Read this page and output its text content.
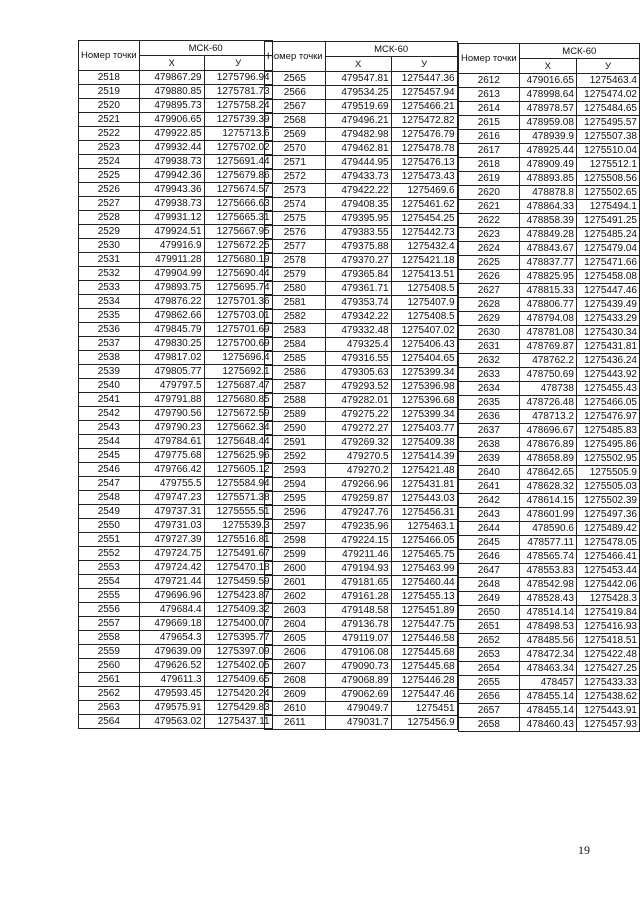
Номер точки	МСК-60	
	X	У
2518	479867.29	1275796.94
2519	479880.85	1275781.73
2520	479895.73	1275758.24
2521	479906.65	1275739.39
2522	479922.85	1275713.6
2523	479932.44	1275702.02
2524	479938.73	1275691.44
2525	479942.36	1275679.86
2526	479943.36	1275674.57
2527	479938.73	1275666.63
2528	479931.12	1275665.31
2529	479924.51	1275667.95
2530	479916.9	1275672.25
2531	479911.28	1275680.19
2532	479904.99	1275690.44
2533	479893.75	1275695.74
2534	479876.22	1275701.36
2535	479862.66	1275703.01
2536	479845.79	1275701.69
2537	479830.25	1275700.69
2538	479817.02	1275696.4
2539	479805.77	1275692.1
2540	479797.5	1275687.47
2541	479791.88	1275680.85
2542	479790.56	1275672.59
2543	479790.23	1275662.34
2544	479784.61	1275648.44
2545	479775.68	1275625.96
2546	479766.42	1275605.12
2547	479755.5	1275584.94
2548	479747.23	1275571.38
2549	479737.31	1275555.51
2550	479731.03	1275539.3
2551	479727.39	1275516.81
2552	479724.75	1275491.67
2553	479724.42	1275470.18
2554	479721.44	1275459.59
2555	479696.96	1275423.87
2556	479684.4	1275409.32
2557	479669.18	1275400.07
2558	479654.3	1275395.77
2559	479639.09	1275397.09
2560	479626.52	1275402.05
2561	479611.3	1275409.65
2562	479593.45	1275420.24
2563	479575.91	1275429.83
2564	479563.02	1275437.11
Номер точки	МСК-60	
	X	У
2565	479547.81	1275447.36
2566	479534.25	1275457.94
2567	479519.69	1275466.21
2568	479496.21	1275472.82
2569	479482.98	1275476.79
2570	479462.81	1275478.78
2571	479444.95	1275476.13
2572	479433.73	1275473.43
2573	479422.22	1275469.6
2574	479408.35	1275461.62
2575	479395.95	1275454.25
2576	479383.55	1275442.73
2577	479375.88	1275432.4
2578	479370.27	1275421.18
2579	479365.84	1275413.51
2580	479361.71	1275408.5
2581	479353.74	1275407.9
2582	479342.22	1275408.5
2583	479332.48	1275407.02
2584	479325.4	1275406.43
2585	479316.55	1275404.65
2586	479305.63	1275399.34
2587	479293.52	1275396.98
2588	479282.01	1275396.68
2589	479275.22	1275399.34
2590	479272.27	1275403.77
2591	479269.32	1275409.38
2592	479270.5	1275414.39
2593	479270.2	1275421.48
2594	479266.96	1275431.81
2595	479259.87	1275443.03
2596	479247.76	1275456.31
2597	479235.96	1275463.1
2598	479224.15	1275466.05
2599	479211.46	1275465.75
2600	479194.93	1275463.99
2601	479181.65	1275460.44
2602	479161.28	1275455.13
2603	479148.58	1275451.89
2604	479136.78	1275447.75
2605	479119.07	1275446.58
2606	479106.08	1275445.68
2607	479090.73	1275445.68
2608	479068.89	1275446.28
2609	479062.69	1275447.46
2610	479049.7	1275451
2611	479031.7	1275456.9
Номер точки	МСК-60	
	X	У
2612	479016.65	1275463.4
2613	478998.64	1275474.02
2614	478978.57	1275484.65
2615	478959.08	1275495.57
2616	478939.9	1275507.38
2617	478925.44	1275510.04
2618	478909.49	1275512.1
2619	478893.85	1275508.56
2620	478878.8	1275502.65
2621	478864.33	1275494.1
2622	478858.39	1275491.25
2623	478849.28	1275485.24
2624	478843.67	1275479.04
2625	478837.77	1275471.66
2626	478825.95	1275458.08
2627	478815.33	1275447.46
2628	478806.77	1275439.49
2629	478794.08	1275433.29
2630	478781.08	1275430.34
2631	478769.87	1275431.81
2632	478762.2	1275436.24
2633	478750.69	1275443.92
2634	478738	1275455.43
2635	478726.48	1275466.05
2636	478713.2	1275476.97
2637	478696.67	1275485.83
2638	478676.89	1275495.86
2639	478658.89	1275502.95
2640	478642.65	1275505.9
2641	478628.32	1275505.03
2642	478614.15	1275502.39
2643	478601.99	1275497.36
2644	478590.6	1275489.42
2645	478577.11	1275478.05
2646	478565.74	1275466.41
2647	478553.83	1275453.44
2648	478542.98	1275442.06
2649	478528.43	1275428.3
2650	478514.14	1275419.84
2651	478498.53	1275416.93
2652	478485.56	1275418.51
2653	478472.34	1275422.48
2654	478463.34	1275427.25
2655	478457	1275433.33
2656	478455.14	1275438.62
2657	478455.14	1275443.91
2658	478460.43	1275457.93
19
